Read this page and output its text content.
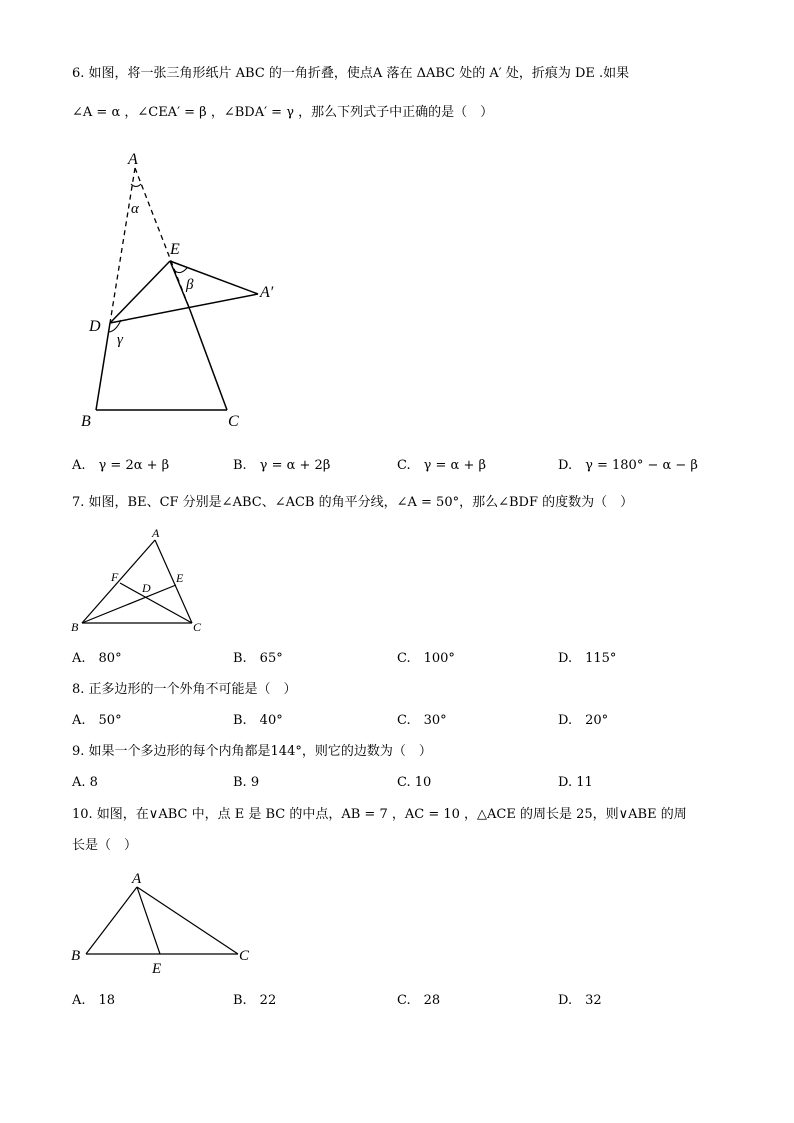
6. 如图，将一张三角形纸片 ABC 的一角折叠，使点A 落在 ΔABC 处的 A′ 处，折痕为 DE .如果
∠A = α ，∠CEA′ = β ，∠BDA′ = γ ，那么下列式子中正确的是（　）
A
α
E
β	A′
D
γ
B	C
A.　γ = 2α + β	B.　γ = α + 2β	C.　γ = α + β	D.　γ = 180° − α − β
7. 如图，BE、CF 分别是∠ABC、∠ACB 的角平分线，∠A = 50°，那么∠BDF 的度数为（　）
A
F
D
E
B	C
A.　80°	B.　65°	C.　100°	D.　115°
8. 正多边形的一个外角不可能是（　）
A.　50°	B.　40°	C.　30°	D.　20°
9. 如果一个多边形的每个内角都是144°，则它的边数为（　）
A. 8	B. 9	C. 10	D. 11
10. 如图，在∨ABC 中，点 E 是 BC 的中点，AB = 7 ，AC = 10 ，△ACE 的周长是 25，则∨ABE 的周
长是（　）
A
B
E
C
A.　18	B.　22	C.　28	D.　32
